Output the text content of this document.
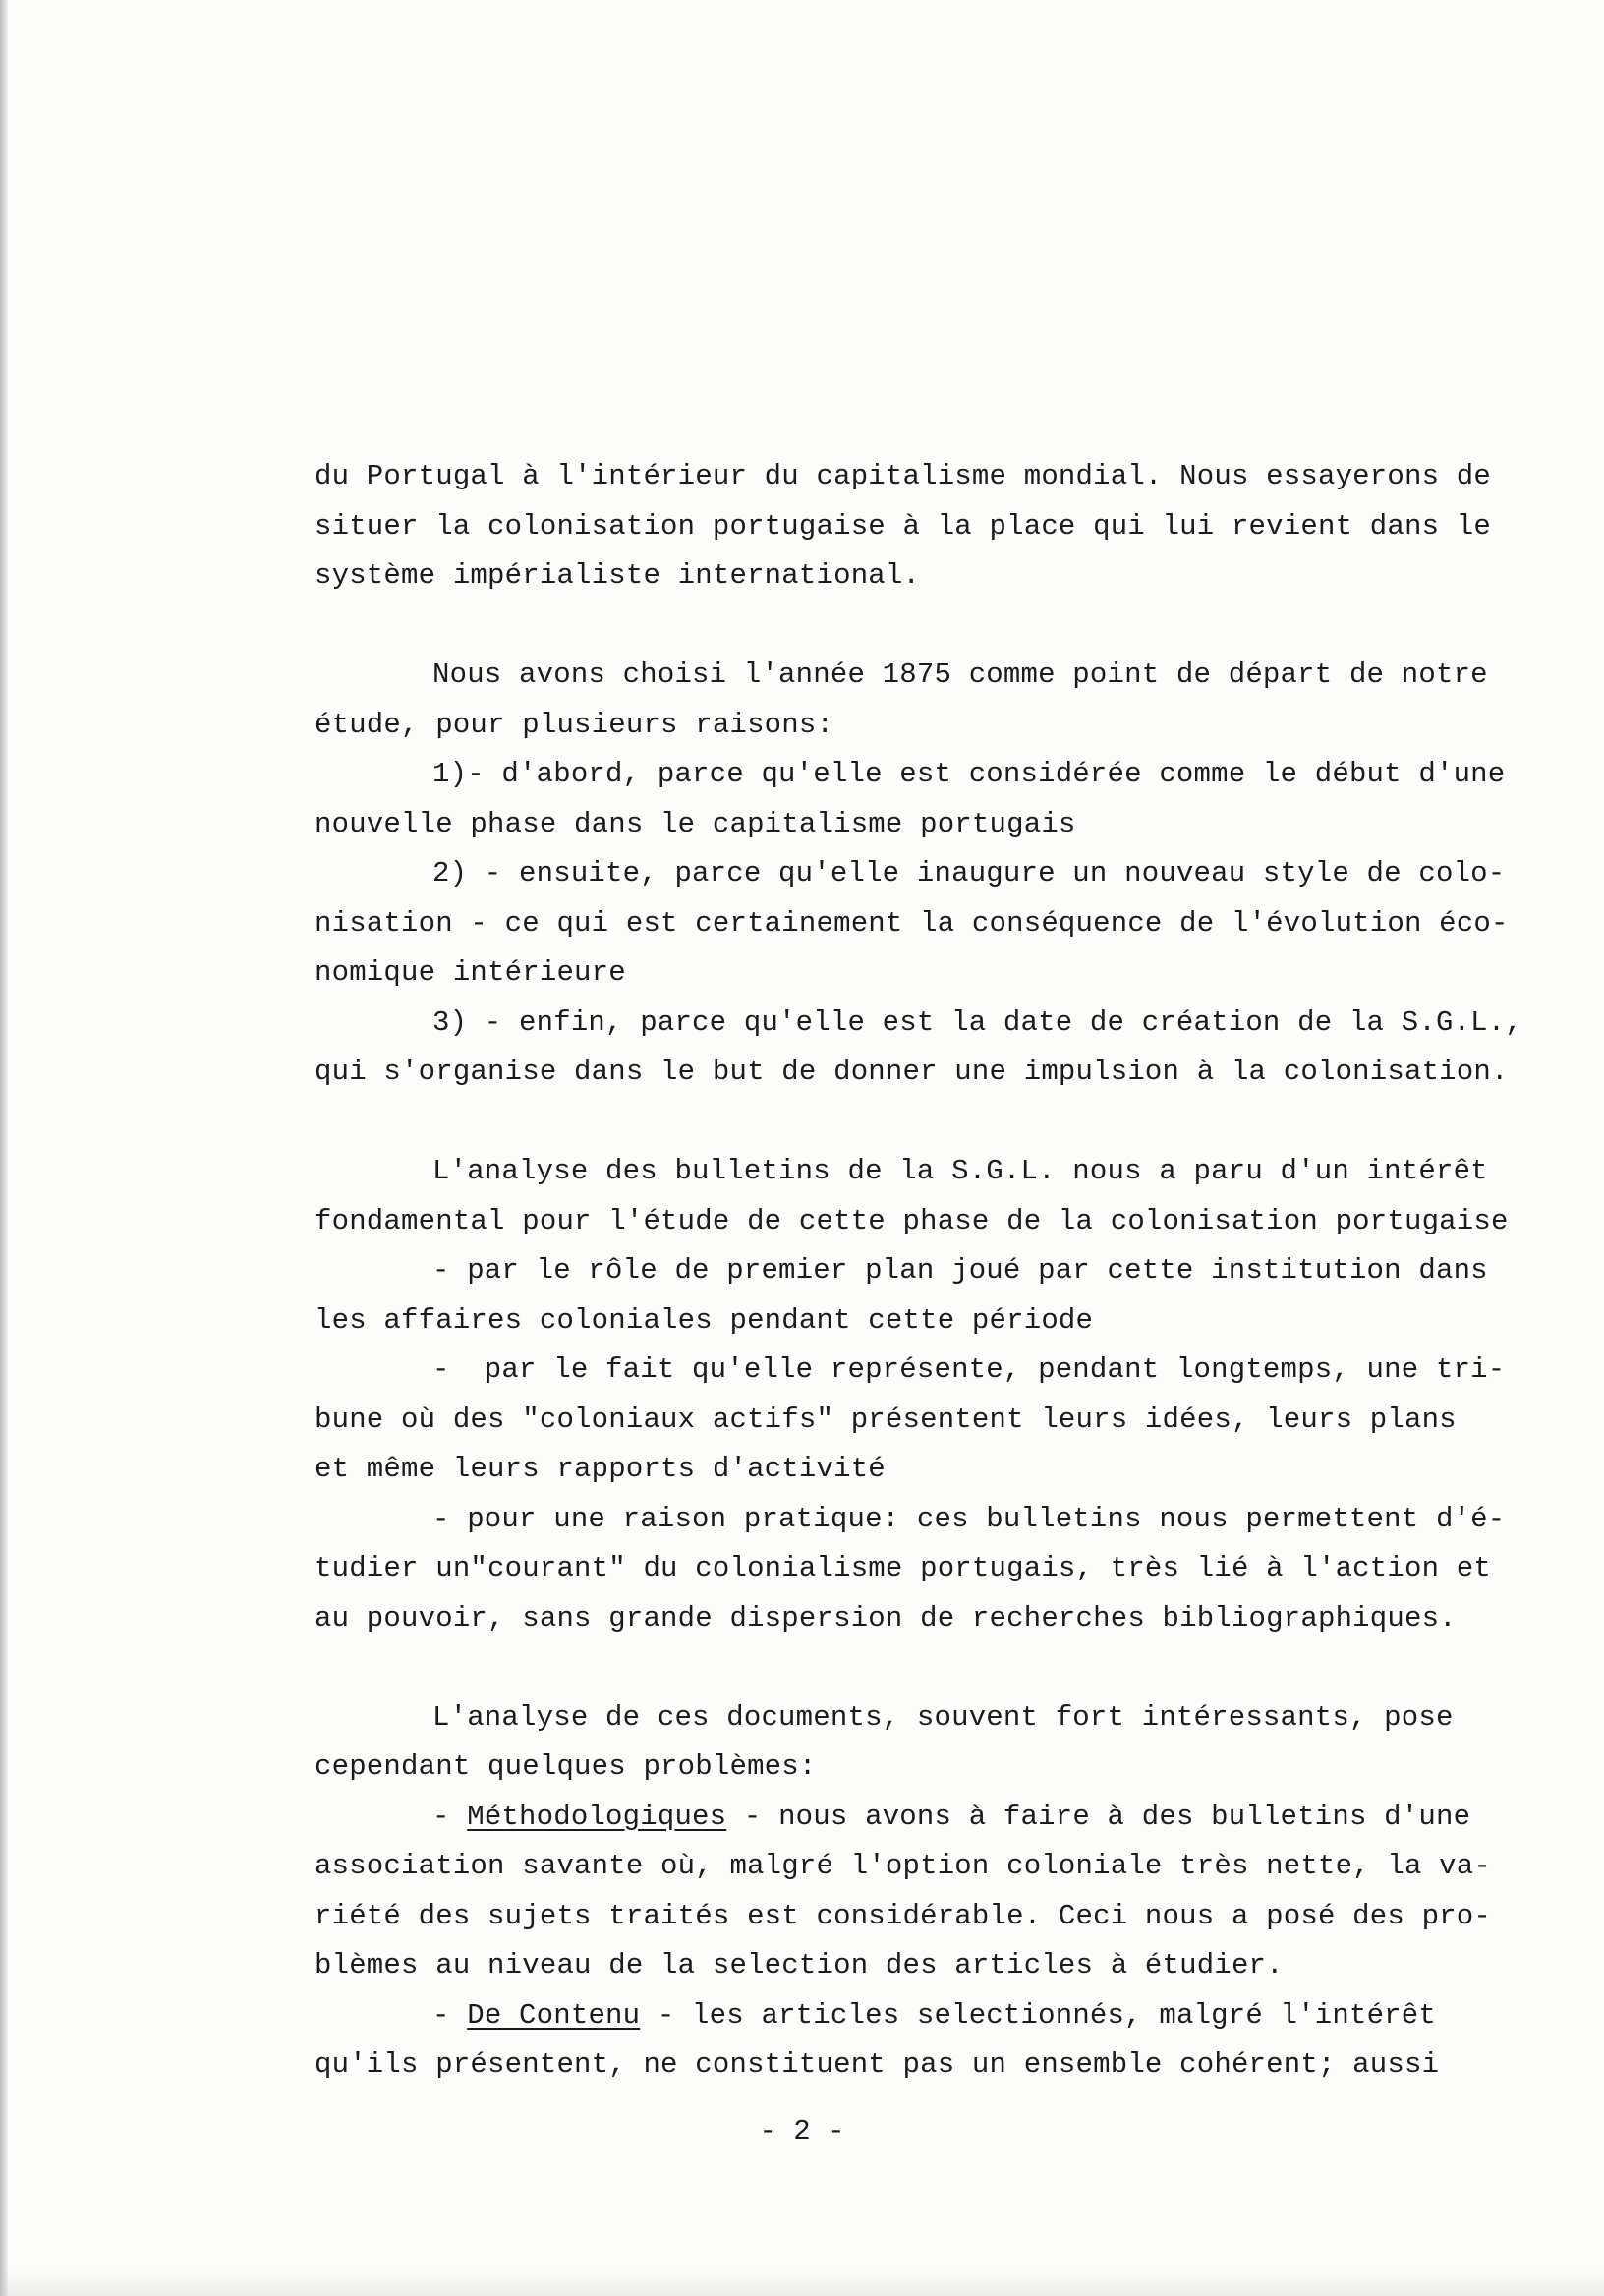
du Portugal à l'intérieur du capitalisme mondial. Nous essayerons de
situer la colonisation portugaise à la place qui lui revient dans le
système impérialiste international.
Nous avons choisi l'année 1875 comme point de départ de notre
étude, pour plusieurs raisons:
1)- d'abord, parce qu'elle est considérée comme le début d'une
nouvelle phase dans le capitalisme portugais
2) - ensuite, parce qu'elle inaugure un nouveau style de colo-
nisation - ce qui est certainement la conséquence de l'évolution éco-
nomique intérieure
3) - enfin, parce qu'elle est la date de création de la S.G.L.,
qui s'organise dans le but de donner une impulsion à la colonisation.
L'analyse des bulletins de la S.G.L. nous a paru d'un intérêt
fondamental pour l'étude de cette phase de la colonisation portugaise
- par le rôle de premier plan joué par cette institution dans
les affaires coloniales pendant cette période
-  par le fait qu'elle représente, pendant longtemps, une tri-
bune où des "coloniaux actifs" présentent leurs idées, leurs plans
et même leurs rapports d'activité
- pour une raison pratique: ces bulletins nous permettent d'é-
tudier un"courant" du colonialisme portugais, très lié à l'action et
au pouvoir, sans grande dispersion de recherches bibliographiques.
L'analyse de ces documents, souvent fort intéressants, pose
cependant quelques problèmes:
- Méthodologiques - nous avons à faire à des bulletins d'une
association savante où, malgré l'option coloniale très nette, la va-
riété des sujets traités est considérable. Ceci nous a posé des pro-
blèmes au niveau de la selection des articles à étudier.
- De Contenu - les articles selectionnés, malgré l'intérêt
qu'ils présentent, ne constituent pas un ensemble cohérent; aussi
- 2 -
